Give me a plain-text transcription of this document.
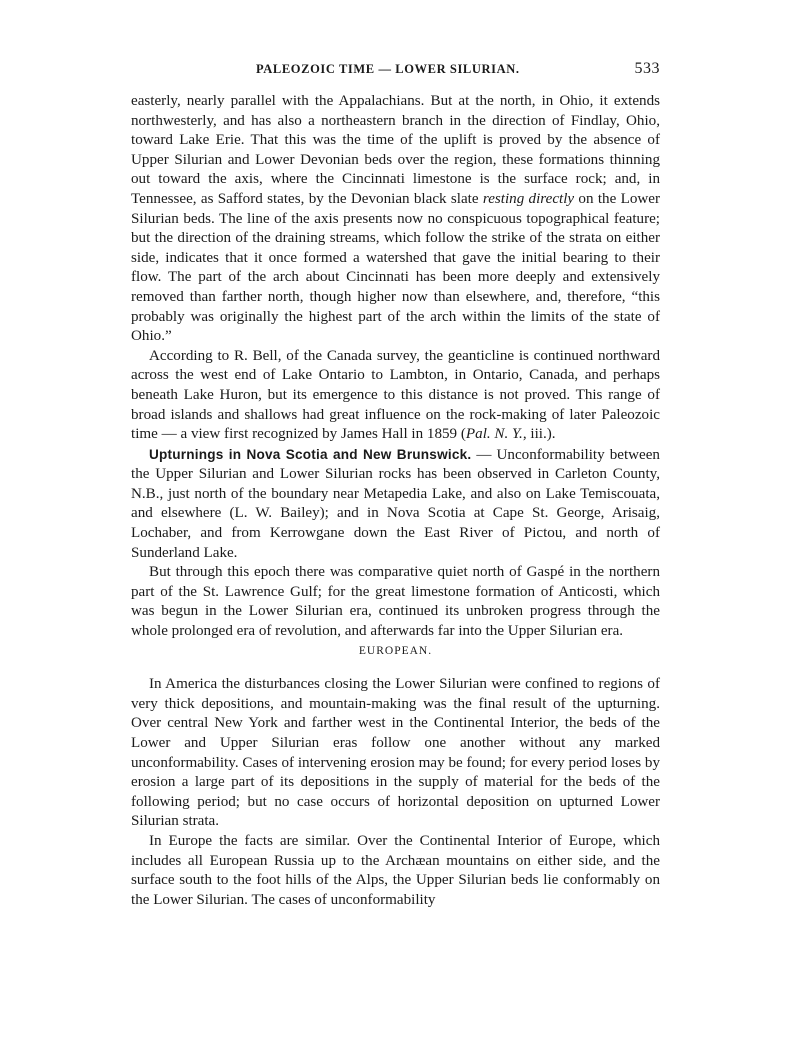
PALEOZOIC TIME — LOWER SILURIAN.	533

easterly, nearly parallel with the Appalachians. But at the north, in Ohio, it extends northwesterly, and has also a northeastern branch in the direction of Findlay, Ohio, toward Lake Erie. That this was the time of the uplift is proved by the absence of Upper Silurian and Lower Devonian beds over the region, these formations thinning out toward the axis, where the Cincinnati limestone is the surface rock; and, in Tennessee, as Safford states, by the Devonian black slate resting directly on the Lower Silurian beds. The line of the axis presents now no conspicuous topographical feature; but the direction of the draining streams, which follow the strike of the strata on either side, indicates that it once formed a watershed that gave the initial bearing to their flow. The part of the arch about Cincinnati has been more deeply and extensively removed than farther north, though higher now than elsewhere, and, therefore, “this probably was originally the highest part of the arch within the limits of the state of Ohio.”

According to R. Bell, of the Canada survey, the geanticline is continued northward across the west end of Lake Ontario to Lambton, in Ontario, Canada, and perhaps beneath Lake Huron, but its emergence to this distance is not proved. This range of broad islands and shallows had great influence on the rock-making of later Paleozoic time — a view first recognized by James Hall in 1859 (Pal. N. Y., iii.).

Upturnings in Nova Scotia and New Brunswick. — Unconformability between the Upper Silurian and Lower Silurian rocks has been observed in Carleton County, N.B., just north of the boundary near Metapedia Lake, and also on Lake Temiscouata, and elsewhere (L. W. Bailey); and in Nova Scotia at Cape St. George, Arisaig, Lochaber, and from Kerrowgane down the East River of Pictou, and north of Sunderland Lake.

But through this epoch there was comparative quiet north of Gaspé in the northern part of the St. Lawrence Gulf; for the great limestone formation of Anticosti, which was begun in the Lower Silurian era, continued its unbroken progress through the whole prolonged era of revolution, and afterwards far into the Upper Silurian era.

EUROPEAN.

In America the disturbances closing the Lower Silurian were confined to regions of very thick depositions, and mountain-making was the final result of the upturning. Over central New York and farther west in the Continental Interior, the beds of the Lower and Upper Silurian eras follow one another without any marked unconformability. Cases of intervening erosion may be found; for every period loses by erosion a large part of its depositions in the supply of material for the beds of the following period; but no case occurs of horizontal deposition on upturned Lower Silurian strata.

In Europe the facts are similar. Over the Continental Interior of Europe, which includes all European Russia up to the Archæan mountains on either side, and the surface south to the foot hills of the Alps, the Upper Silurian beds lie conformably on the Lower Silurian. The cases of unconformability
